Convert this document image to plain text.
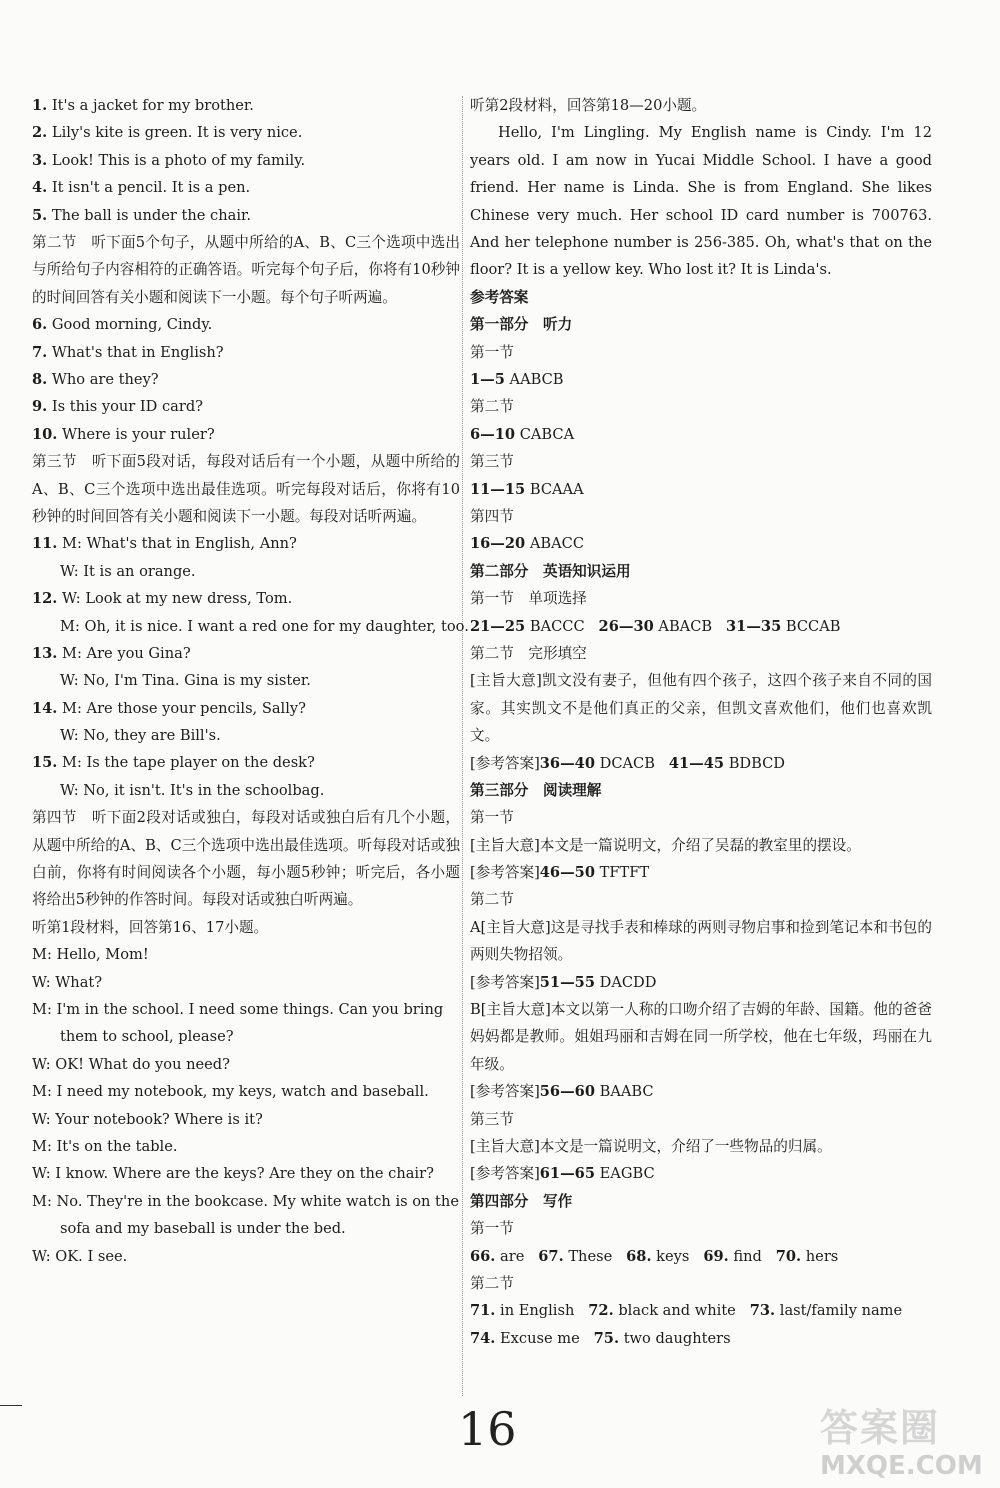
1. It's a jacket for my brother.
2. Lily's kite is green. It is very nice.
3. Look! This is a photo of my family.
4. It isn't a pencil. It is a pen.
5. The ball is under the chair.
第二节　听下面5个句子，从题中所给的A、B、C三个选项中选出与所给句子内容相符的正确答语。听完每个句子后，你将有10秒钟的时间回答有关小题和阅读下一小题。每个句子听两遍。
6. Good morning, Cindy.
7. What's that in English?
8. Who are they?
9. Is this your ID card?
10. Where is your ruler?
第三节　听下面5段对话，每段对话后有一个小题，从题中所给的A、B、C三个选项中选出最佳选项。听完每段对话后，你将有10秒钟的时间回答有关小题和阅读下一小题。每段对话听两遍。
11. M: What's that in English, Ann?
W: It is an orange.
12. W: Look at my new dress, Tom.
M: Oh, it is nice. I want a red one for my daughter, too.
13. M: Are you Gina?
W: No, I'm Tina. Gina is my sister.
14. M: Are those your pencils, Sally?
W: No, they are Bill's.
15. M: Is the tape player on the desk?
W: No, it isn't. It's in the schoolbag.
第四节　听下面2段对话或独白，每段对话或独白后有几个小题，从题中所给的A、B、C三个选项中选出最佳选项。听每段对话或独白前，你将有时间阅读各个小题，每小题5秒钟；听完后，各小题将给出5秒钟的作答时间。每段对话或独白听两遍。
听第1段材料，回答第16、17小题。
M: Hello, Mom!
W: What?
M: I'm in the school. I need some things. Can you bring
them to school, please?
W: OK! What do you need?
M: I need my notebook, my keys, watch and baseball.
W: Your notebook? Where is it?
M: It's on the table.
W: I know. Where are the keys? Are they on the chair?
M: No. They're in the bookcase. My white watch is on the
sofa and my baseball is under the bed.
W: OK. I see.
听第2段材料，回答第18—20小题。
Hello, I'm Lingling. My English name is Cindy. I'm 12 years old. I am now in Yucai Middle School. I have a good friend. Her name is Linda. She is from England. She likes Chinese very much. Her school ID card number is 700763. And her telephone number is 256-385. Oh, what's that on the floor? It is a yellow key. Who lost it? It is Linda's.
参考答案
第一部分　听力
第一节
1—5 AABCB
第二节
6—10 CABCA
第三节
11—15 BCAAA
第四节
16—20 ABACC
第二部分　英语知识运用
第一节　单项选择
21—25 BACCC 26—30 ABACB 31—35 BCCAB
第二节　完形填空
[主旨大意]凯文没有妻子，但他有四个孩子，这四个孩子来自不同的国家。其实凯文不是他们真正的父亲，但凯文喜欢他们，他们也喜欢凯文。
[参考答案]36—40 DCACB 41—45 BDBCD
第三部分　阅读理解
第一节
[主旨大意]本文是一篇说明文，介绍了吴磊的教室里的摆设。
[参考答案]46—50 TFTFT
第二节
A[主旨大意]这是寻找手表和棒球的两则寻物启事和捡到笔记本和书包的两则失物招领。
[参考答案]51—55 DACDD
B[主旨大意]本文以第一人称的口吻介绍了吉姆的年龄、国籍。他的爸爸妈妈都是教师。姐姐玛丽和吉姆在同一所学校，他在七年级，玛丽在九年级。
[参考答案]56—60 BAABC
第三节
[主旨大意]本文是一篇说明文，介绍了一些物品的归属。
[参考答案]61—65 EAGBC
第四部分　写作
第一节
66. are 67. These 68. keys 69. find 70. hers
第二节
71. in English 72. black and white 73. last/family name
74. Excuse me 75. two daughters
16	答案圈
MXQE.COM
